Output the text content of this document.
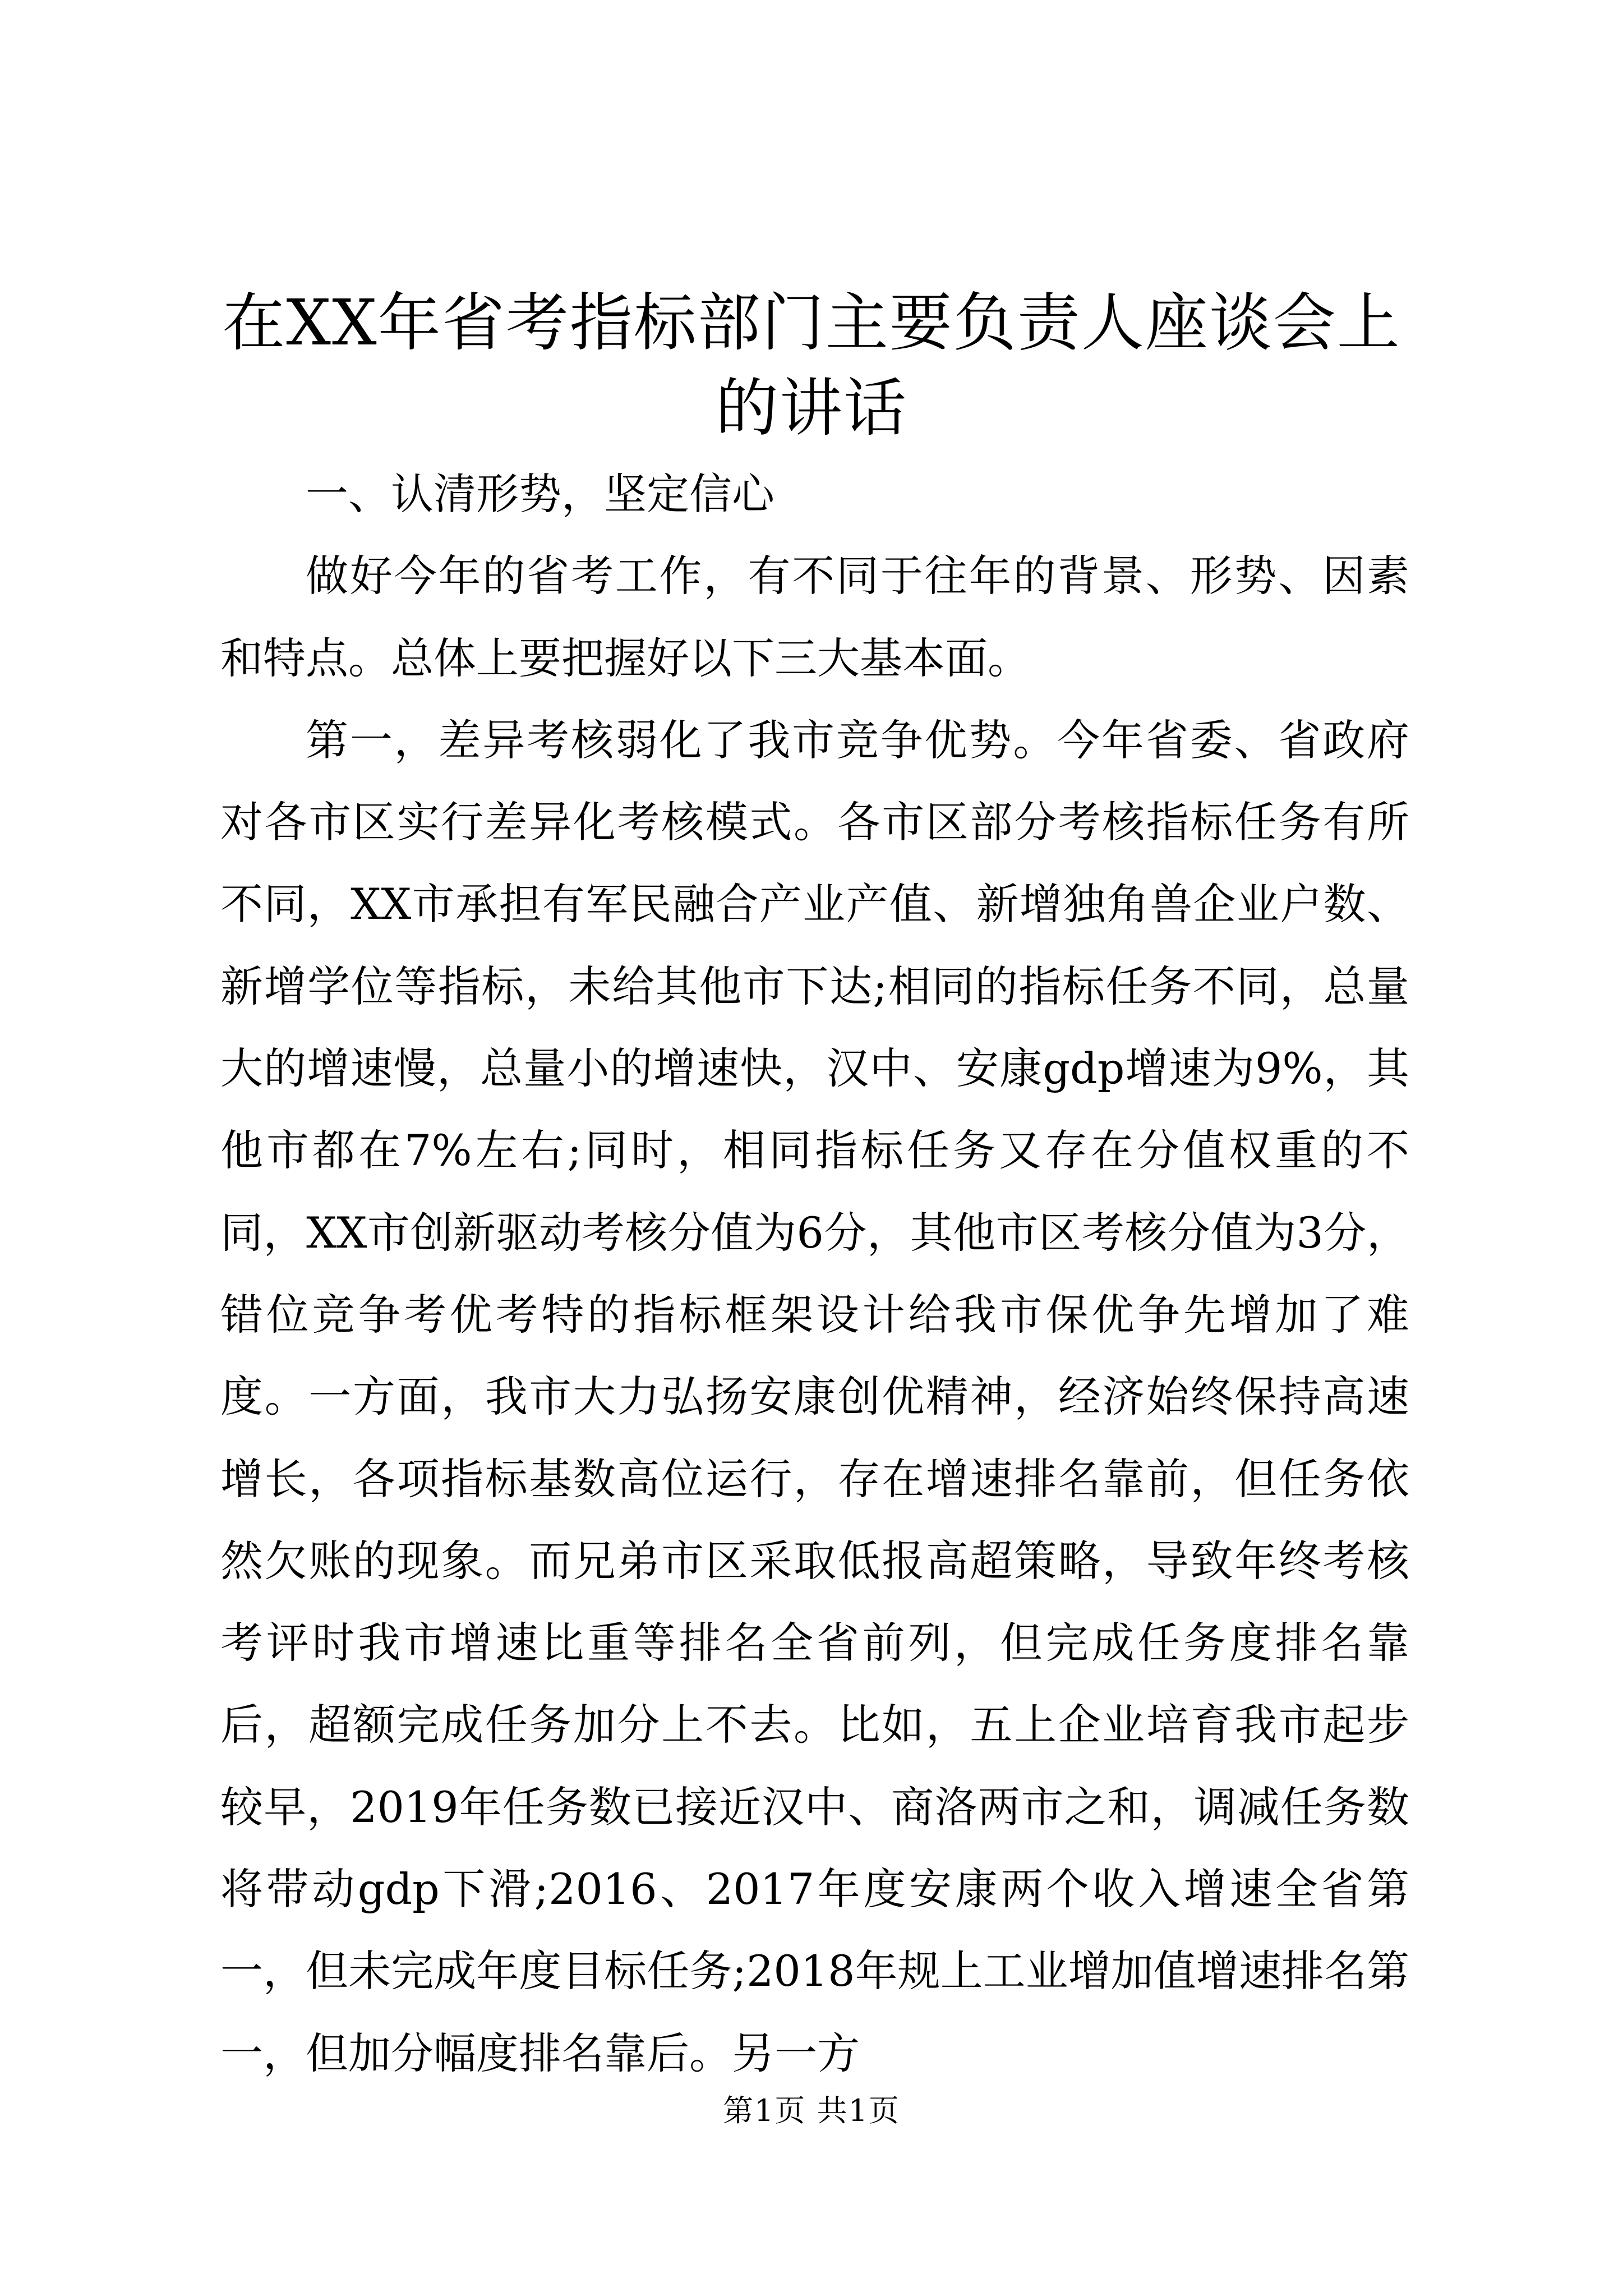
在XX年省考指标部门主要负责人座谈会上的讲话

一、认清形势，坚定信心

做好今年的省考工作，有不同于往年的背景、形势、因素和特点。总体上要把握好以下三大基本面。

第一，差异考核弱化了我市竞争优势。今年省委、省政府对各市区实行差异化考核模式。各市区部分考核指标任务有所不同，XX市承担有军民融合产业产值、新增独角兽企业户数、新增学位等指标，未给其他市下达;相同的指标任务不同，总量大的增速慢，总量小的增速快，汉中、安康gdp增速为9%，其他市都在7%左右;同时，相同指标任务又存在分值权重的不同，XX市创新驱动考核分值为6分，其他市区考核分值为3分，错位竞争考优考特的指标框架设计给我市保优争先增加了难度。一方面，我市大力弘扬安康创优精神，经济始终保持高速增长，各项指标基数高位运行，存在增速排名靠前，但任务依然欠账的现象。而兄弟市区采取低报高超策略，导致年终考核考评时我市增速比重等排名全省前列，但完成任务度排名靠后，超额完成任务加分上不去。比如，五上企业培育我市起步较早，2019年任务数已接近汉中、商洛两市之和，调减任务数将带动gdp下滑;2016、2017年度安康两个收入增速全省第一，但未完成年度目标任务;2018年规上工业增加值增速排名第一，但加分幅度排名靠后。另一方

第1页 共1页
